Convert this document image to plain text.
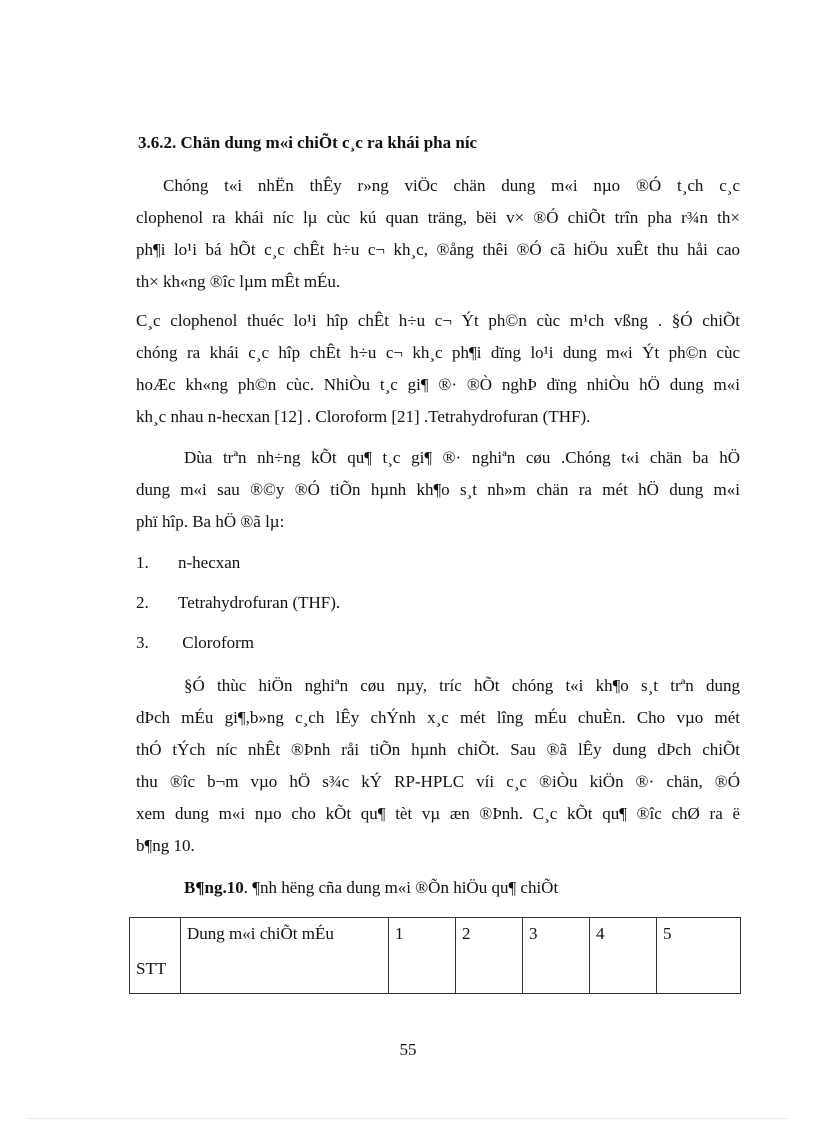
3.6.2. Chän dung m«i chiÕt c¸c ra khái pha níc
Chóng t«i nhËn thÊy r»ng viÖc chän dung m«i nµo ®Ó t¸ch c¸c
clophenol ra khái níc lµ cùc kú quan träng, bëi v× ®Ó chiÕt trîn pha r¾n th×
ph¶i lo¹i bá hÕt c¸c chÊt h÷u c¬ kh¸c, ®ång thêi ®Ó cã hiÖu xuÊt thu håi cao
th× kh«ng ®îc lµm mÊt mÉu.
C¸c clophenol thuéc lo¹i hîp chÊt h÷u c¬ Ýt ph©n cùc m¹ch vßng . §Ó chiÕt
chóng ra khái c¸c hîp chÊt h÷u c¬ kh¸c ph¶i dïng lo¹i dung m«i Ýt ph©n cùc
hoÆc kh«ng ph©n cùc. NhiÒu t¸c gi¶ ®· ®Ò nghÞ dïng nhiÒu hÖ dung m«i
kh¸c nhau n-hecxan [12] . Cloroform [21] .Tetrahydrofuran (THF).
Dùa trªn nh÷ng kÕt qu¶ t¸c gi¶ ®· nghiªn cøu .Chóng t«i chän ba hÖ
dung m«i sau ®©y ®Ó tiÕn hµnh kh¶o s¸t nh»m chän ra mét hÖ dung m«i
phï hîp. Ba hÖ ®ã lµ:
1. n-hecxan
2. Tetrahydrofuran (THF).
3. Cloroform
§Ó thùc hiÖn nghiªn cøu nµy, tríc hÕt chóng t«i kh¶o s¸t trªn dung
dÞch mÉu gi¶,b»ng c¸ch lÊy chÝnh x¸c mét lîng mÉu chuÈn. Cho vµo mét
thÓ tÝch níc nhÊt ®Þnh råi tiÕn hµnh chiÕt. Sau ®ã lÊy dung dÞch chiÕt
thu ®îc b¬m vµo hÖ s¾c kÝ RP-HPLC víi c¸c ®iÒu kiÖn ®· chän, ®Ó
xem dung m«i nµo cho kÕt qu¶ tèt vµ æn ®Þnh. C¸c kÕt qu¶ ®îc chØ ra ë
b¶ng 10.
B¶ng.10. ¶nh hëng cña dung m«i ®Õn hiÖu qu¶ chiÕt
STT	Dung m«i chiÕt mÉu	1	2	3	4	5
55
